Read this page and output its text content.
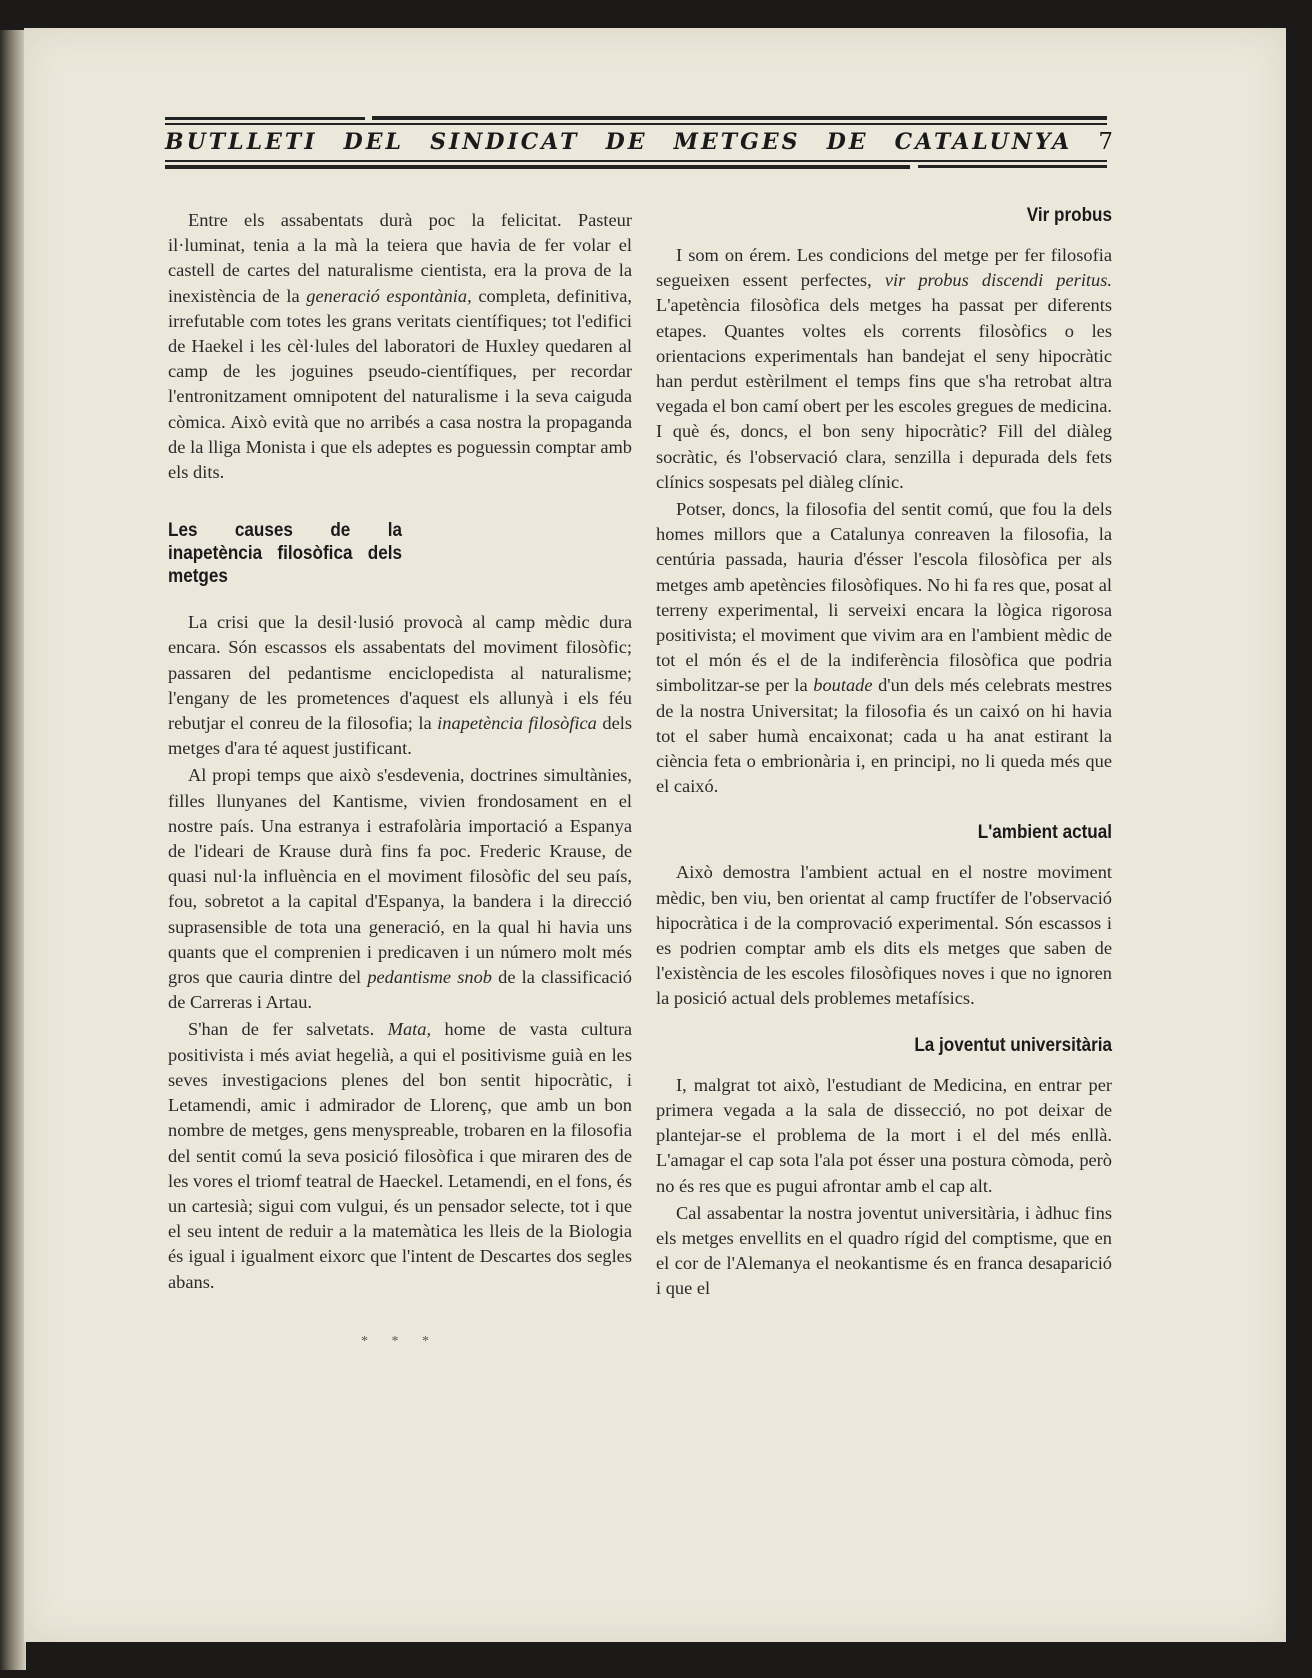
BUTLLETI DEL SINDICAT DE METGES DE CATALUNYA 7

Entre els assabentats durà poc la felicitat. Pasteur il·luminat, tenia a la mà la teiera que havia de fer volar el castell de cartes del naturalisme cientista, era la prova de la inexistència de la generació espontània, completa, definitiva, irrefutable com totes les grans veritats científiques; tot l'edifici de Haekel i les cèl·lules del laboratori de Huxley quedaren al camp de les joguines pseudo-científiques, per recordar l'entronitzament omnipotent del naturalisme i la seva caiguda còmica. Això evità que no arribés a casa nostra la propaganda de la lliga Monista i que els adeptes es poguessin comptar amb els dits.

Les causes de la inapetència filosòfica dels metges

La crisi que la desil·lusió provocà al camp mèdic dura encara. Són escassos els assabentats del moviment filosòfic; passaren del pedantisme enciclopedista al naturalisme; l'engany de les prometences d'aquest els allunyà i els féu rebutjar el conreu de la filosofia; la inapetència filosòfica dels metges d'ara té aquest justificant.

Al propi temps que això s'esdevenia, doctrines simultànies, filles llunyanes del Kantisme, vivien frondosament en el nostre país. Una estranya i estrafolària importació a Espanya de l'ideari de Krause durà fins fa poc. Frederic Krause, de quasi nul·la influència en el moviment filosòfic del seu país, fou, sobretot a la capital d'Espanya, la bandera i la direcció suprasensible de tota una generació, en la qual hi havia uns quants que el comprenien i predicaven i un número molt més gros que cauria dintre del pedantisme snob de la classificació de Carreras i Artau.

S'han de fer salvetats. Mata, home de vasta cultura positivista i més aviat hegelià, a qui el positivisme guià en les seves investigacions plenes del bon sentit hipocràtic, i Letamendi, amic i admirador de Llorenç, que amb un bon nombre de metges, gens menyspreable, trobaren en la filosofia del sentit comú la seva posició filosòfica i que miraren des de les vores el triomf teatral de Haeckel. Letamendi, en el fons, és un cartesià; sigui com vulgui, és un pensador selecte, tot i que el seu intent de reduir a la matemàtica les lleis de la Biologia és igual i igualment eixorc que l'intent de Descartes dos segles abans.

* * *
Vir probus

I som on érem. Les condicions del metge per fer filosofia segueixen essent perfectes, vir probus discendi peritus. L'apetència filosòfica dels metges ha passat per diferents etapes. Quantes voltes els corrents filosòfics o les orientacions experimentals han bandejat el seny hipocràtic han perdut estèrilment el temps fins que s'ha retrobat altra vegada el bon camí obert per les escoles gregues de medicina. I què és, doncs, el bon seny hipocràtic? Fill del diàleg socràtic, és l'observació clara, senzilla i depurada dels fets clínics sospesats pel diàleg clínic.

Potser, doncs, la filosofia del sentit comú, que fou la dels homes millors que a Catalunya conreaven la filosofia, la centúria passada, hauria d'ésser l'escola filosòfica per als metges amb apetències filosòfiques. No hi fa res que, posat al terreny experimental, li serveixi encara la lògica rigorosa positivista; el moviment que vivim ara en l'ambient mèdic de tot el món és el de la indiferència filosòfica que podria simbolitzar-se per la boutade d'un dels més celebrats mestres de la nostra Universitat; la filosofia és un caixó on hi havia tot el saber humà encaixonat; cada u ha anat estirant la ciència feta o embrionària i, en principi, no li queda més que el caixó.

L'ambient actual

Això demostra l'ambient actual en el nostre moviment mèdic, ben viu, ben orientat al camp fructífer de l'observació hipocràtica i de la comprovació experimental. Són escassos i es podrien comptar amb els dits els metges que saben de l'existència de les escoles filosòfiques noves i que no ignoren la posició actual dels problemes metafísics.

La joventut universitària

I, malgrat tot això, l'estudiant de Medicina, en entrar per primera vegada a la sala de dissecció, no pot deixar de plantejar-se el problema de la mort i el del més enllà. L'amagar el cap sota l'ala pot ésser una postura còmoda, però no és res que es pugui afrontar amb el cap alt.

Cal assabentar la nostra joventut universitària, i àdhuc fins els metges envellits en el quadro rígid del comptisme, que en el cor de l'Alemanya el neokantisme és en franca desaparició i que el
